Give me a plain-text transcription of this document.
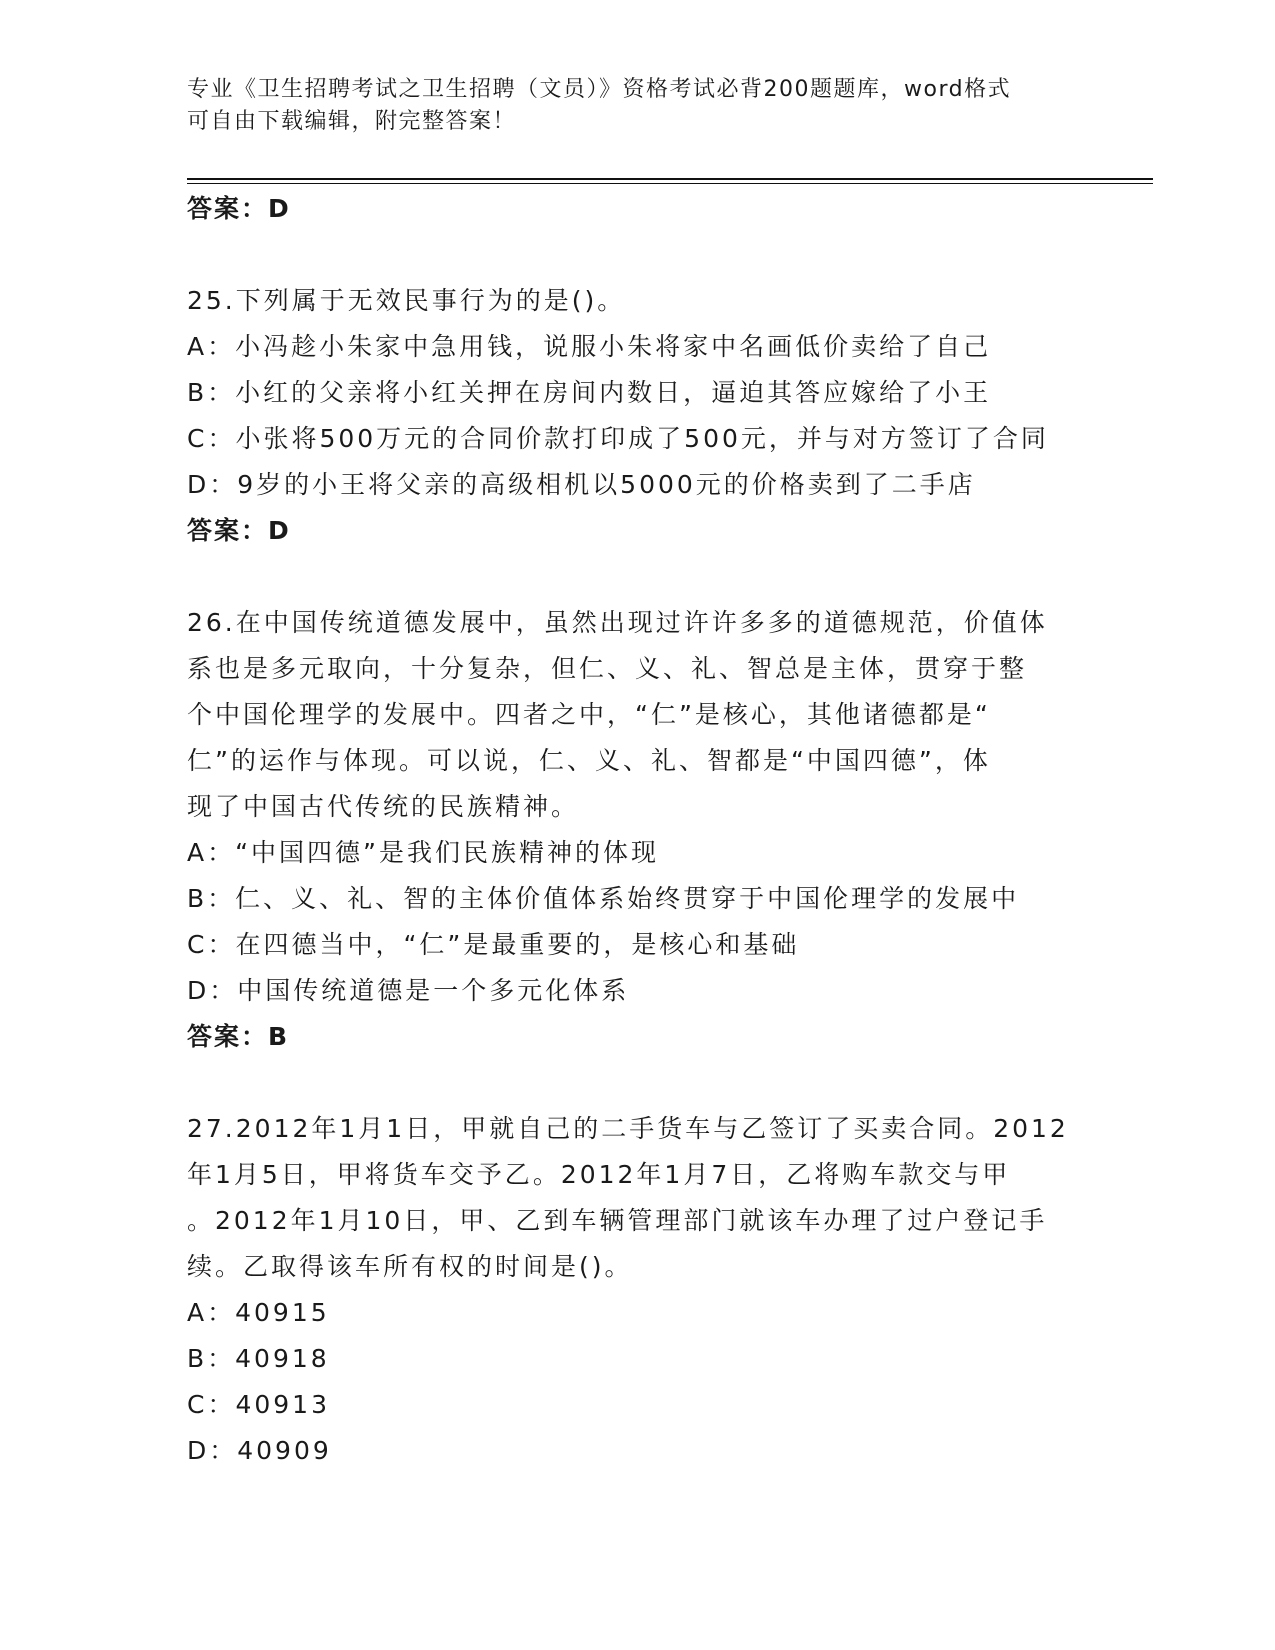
专业《卫生招聘考试之卫生招聘（文员）》资格考试必背200题题库，word格式
可自由下载编辑，附完整答案！
答案：D
25.下列属于无效民事行为的是()。
A：小冯趁小朱家中急用钱，说服小朱将家中名画低价卖给了自己
B：小红的父亲将小红关押在房间内数日，逼迫其答应嫁给了小王
C：小张将500万元的合同价款打印成了500元，并与对方签订了合同
D：9岁的小王将父亲的高级相机以5000元的价格卖到了二手店
答案：D
26.在中国传统道德发展中，虽然出现过许许多多的道德规范，价值体
系也是多元取向，十分复杂，但仁、义、礼、智总是主体，贯穿于整
个中国伦理学的发展中。四者之中，“仁”是核心，其他诸德都是“
仁”的运作与体现。可以说，仁、义、礼、智都是“中国四德”，体
现了中国古代传统的民族精神。
A：“中国四德”是我们民族精神的体现
B：仁、义、礼、智的主体价值体系始终贯穿于中国伦理学的发展中
C：在四德当中，“仁”是最重要的，是核心和基础
D：中国传统道德是一个多元化体系
答案：B
27.2012年1月1日，甲就自己的二手货车与乙签订了买卖合同。2012
年1月5日，甲将货车交予乙。2012年1月7日，乙将购车款交与甲
。2012年1月10日，甲、乙到车辆管理部门就该车办理了过户登记手
续。乙取得该车所有权的时间是()。
A：40915
B：40918
C：40913
D：40909
